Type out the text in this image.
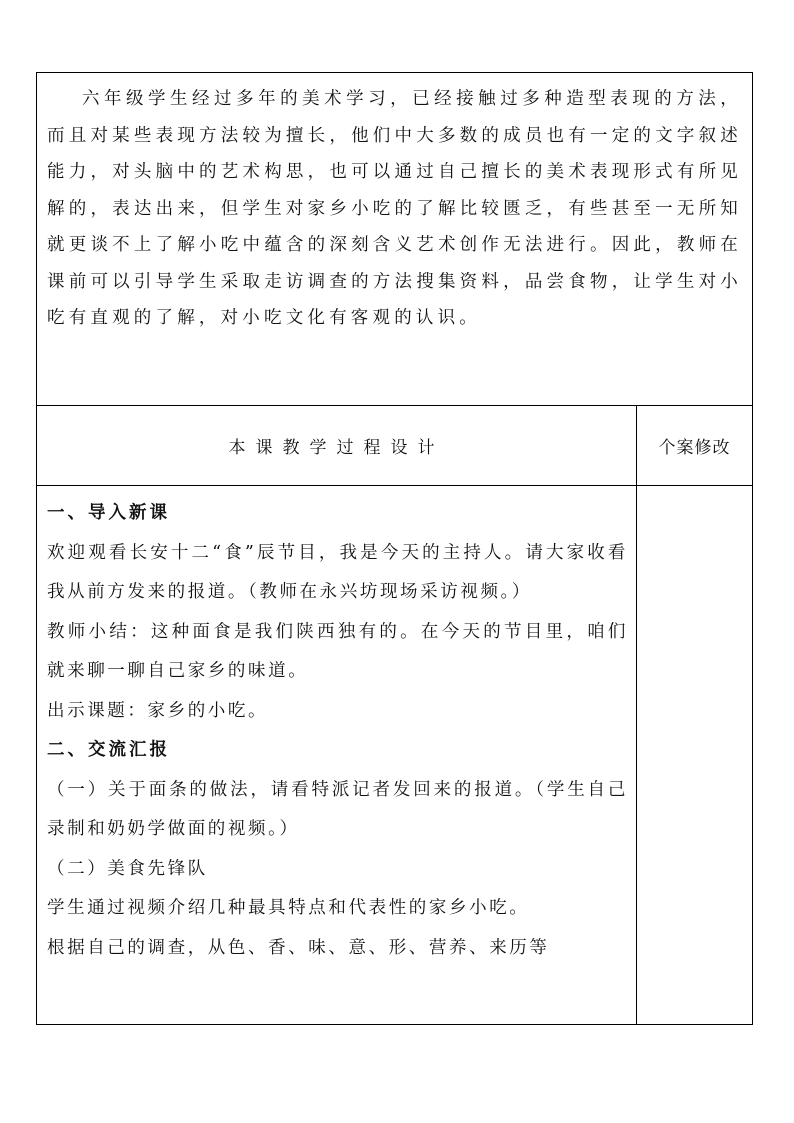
六年级学生经过多年的美术学习，已经接触过多种造型表现的方法，而且对某些表现方法较为擅长，他们中大多数的成员也有一定的文字叙述能力，对头脑中的艺术构思，也可以通过自己擅长的美术表现形式有所见解的，表达出来，但学生对家乡小吃的了解比较匮乏，有些甚至一无所知就更谈不上了解小吃中蕴含的深刻含义艺术创作无法进行。因此，教师在课前可以引导学生采取走访调查的方法搜集资料，品尝食物，让学生对小吃有直观的了解，对小吃文化有客观的认识。

本课教学过程设计	个案修改

一、导入新课

欢迎观看长安十二“食”辰节目，我是今天的主持人。请大家收看我从前方发来的报道。（教师在永兴坊现场采访视频。）

教师小结：这种面食是我们陕西独有的。在今天的节目里，咱们就来聊一聊自己家乡的味道。

出示课题：家乡的小吃。

二、交流汇报

（一）关于面条的做法，请看特派记者发回来的报道。（学生自己录制和奶奶学做面的视频。）

（二）美食先锋队

学生通过视频介绍几种最具特点和代表性的家乡小吃。

根据自己的调查，从色、香、味、意、形、营养、来历等
